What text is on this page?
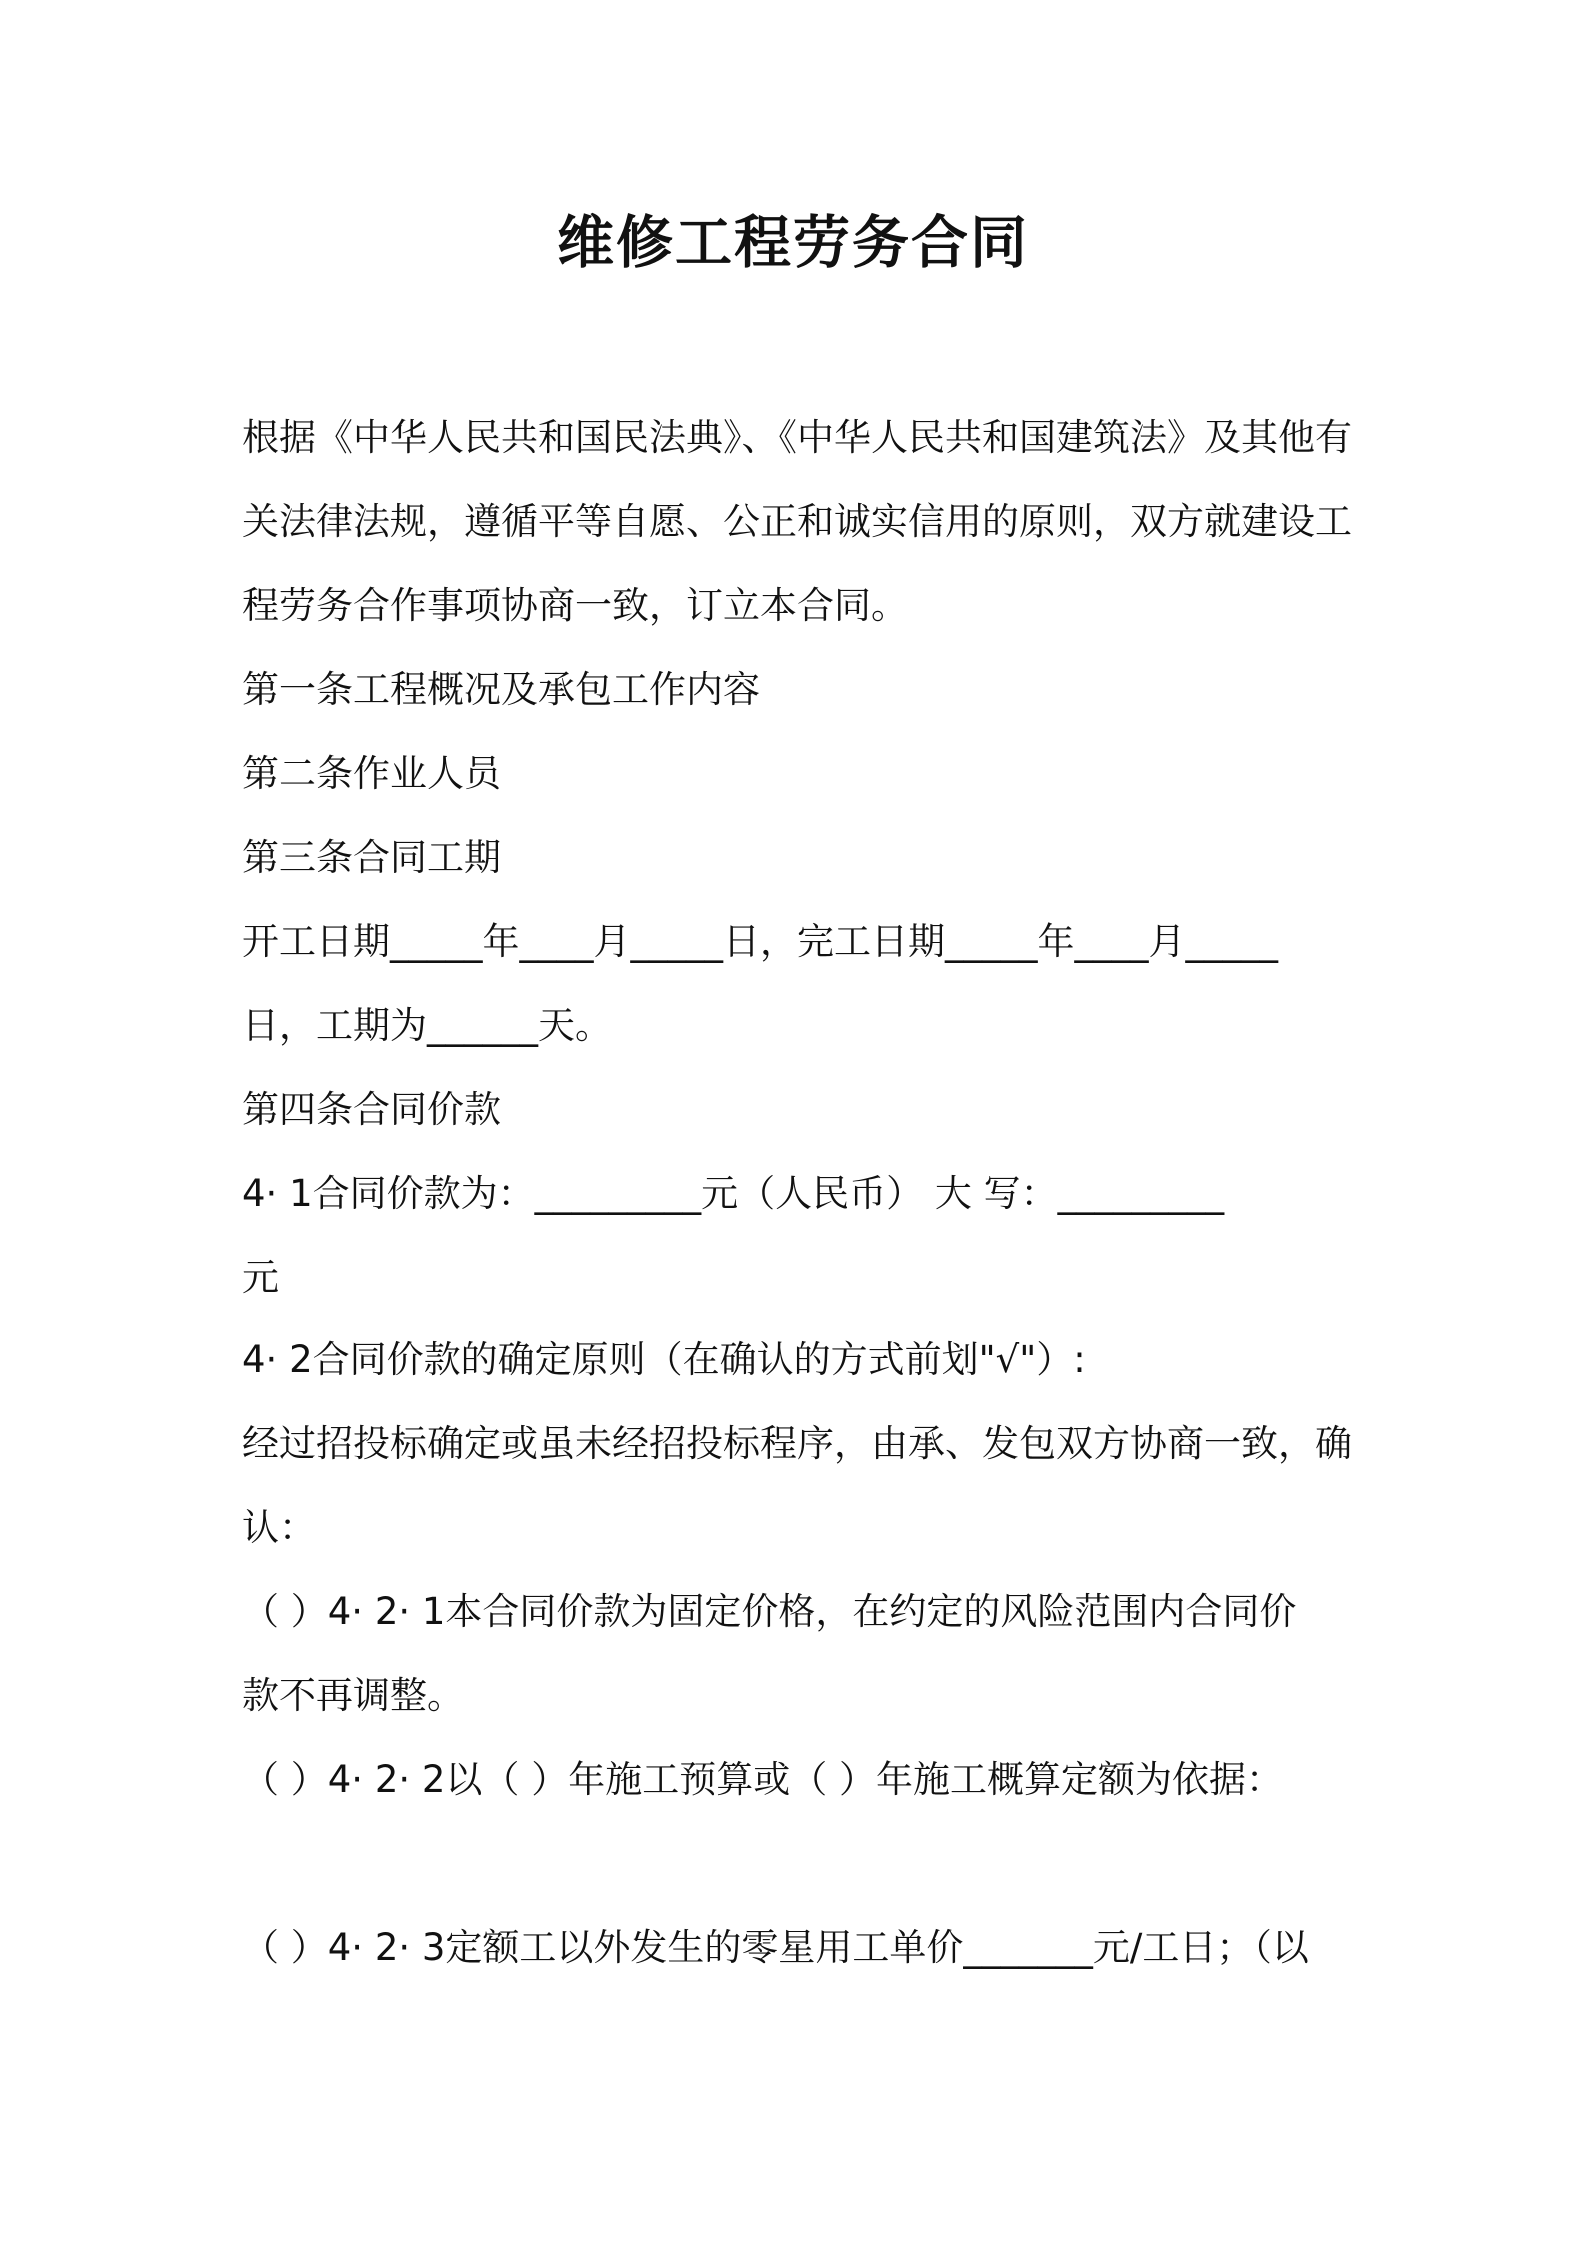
维修工程劳务合同
根据《中华人民共和国民法典》、《中华人民共和国建筑法》及其他有
关法律法规，遵循平等自愿、公正和诚实信用的原则，双方就建设工
程劳务合作事项协商一致，订立本合同。
第一条工程概况及承包工作内容
第二条作业人员
第三条合同工期
开工日期_____年____月_____日，完工日期_____年____月_____
日，工期为______天。
第四条合同价款
4· 1合同价款为：_________元（人民币） 大 写：_________
元
4· 2合同价款的确定原则（在确认的方式前划"√"）:
经过招投标确定或虽未经招投标程序，由承、发包双方协商一致，确
认：
（ ）4· 2· 1本合同价款为固定价格，在约定的风险范围内合同价
款不再调整。
（ ）4· 2· 2以（ ）年施工预算或（ ）年施工概算定额为依据：
（ ）4· 2· 3定额工以外发生的零星用工单价_______元/工日；（以
